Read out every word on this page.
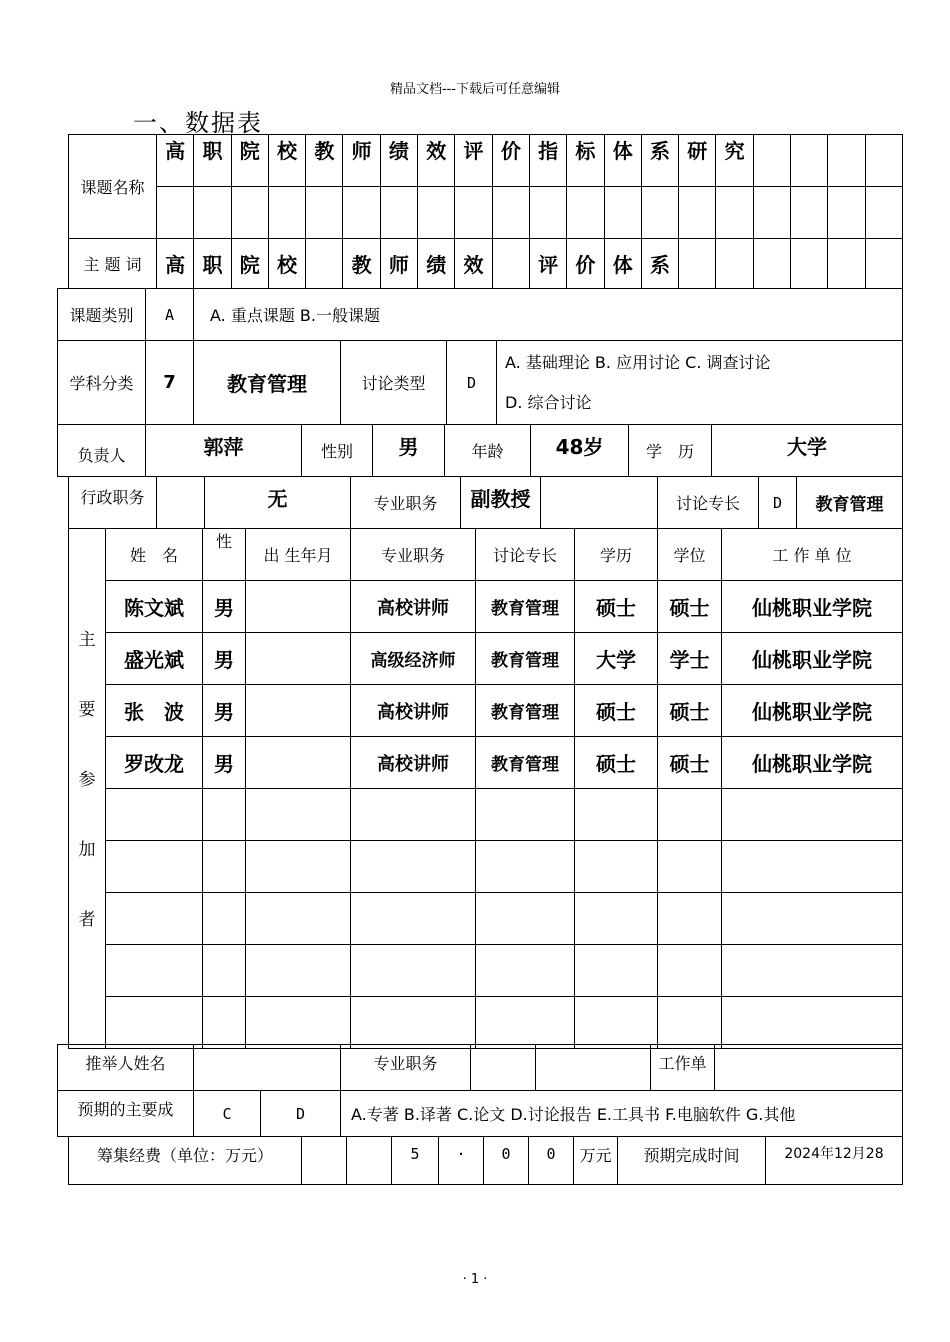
精品文档---下载后可任意编辑
一、数据表
课题名称	高	职	院	校	教	师	绩	效	评	价	指	标	体	系	研	究				

主 题 词	高	职	院	校		教	师	绩	效		评	价	体	系						
课题类别	A	A. 重点课题 B.一般课题			
学科分类	7	教育管理	讨论类型	D	A. 基础理论 B. 应用讨论 C. 调查讨论
D. 综合讨论
负责人	郭萍	性别	男	年龄	48岁	学　历	大学
行政职务		无	专业职务	副教授		讨论专长	D	教育管理
主
要
参
加
者	姓　名	性	出 生年月	专业职务	讨论专长	学历	学位	工 作 单 位
	陈文斌	男		高校讲师	教育管理	硕士	硕士	仙桃职业学院
	盛光斌	男		高级经济师	教育管理	大学	学士	仙桃职业学院
	张　波	男		高校讲师	教育管理	硕士	硕士	仙桃职业学院
	罗改龙	男		高校讲师	教育管理	硕士	硕士	仙桃职业学院

推举人姓名			专业职务			工作单	
预期的主要成	C	D	A.专著 B.译著 C.论文 D.讨论报告 E.工具书 F.电脑软件 G.其他				
筹集经费（单位：万元）			5	·	0	0	万元	预期完成时间	2024年12月28
· 1 ·
